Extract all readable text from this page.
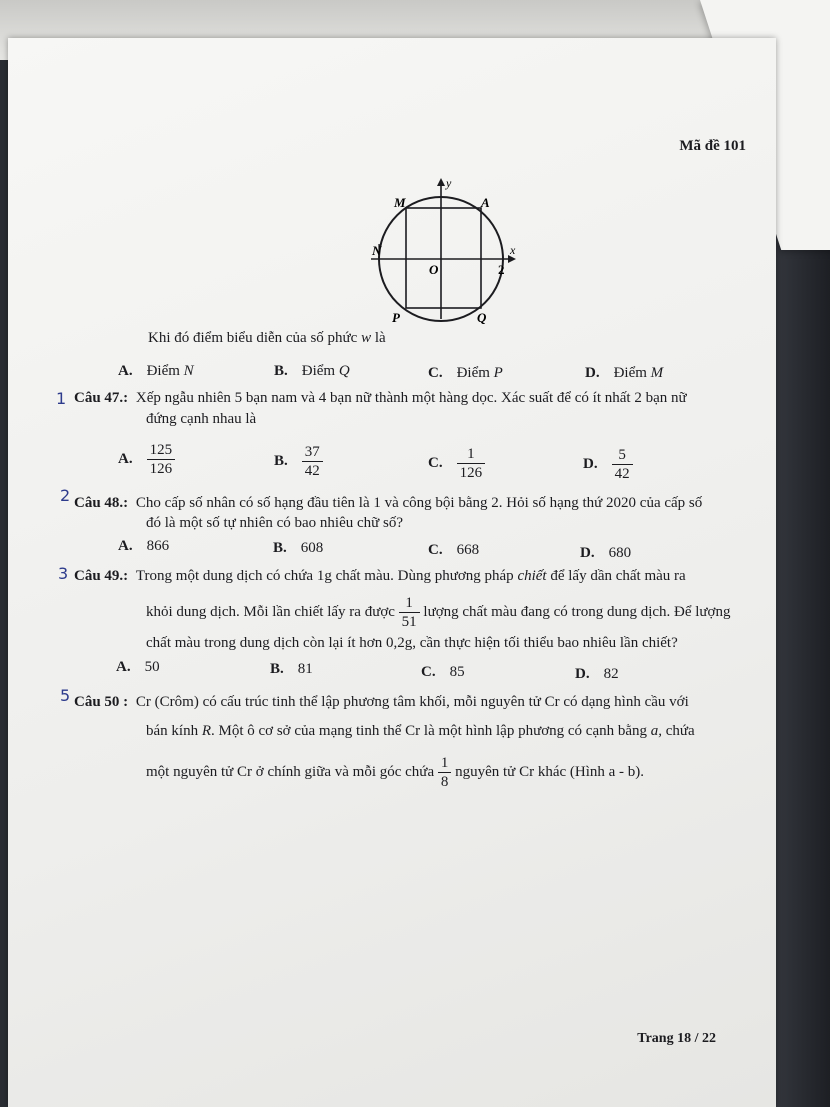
Mã đề 101
y
x
M	A
N
O	2
P	Q
Khi đó điểm biểu diễn của số phức w là
A. Điểm N	B. Điểm Q	C. Điểm P	D. Điểm M
1 Câu 47.: Xếp ngẫu nhiên 5 bạn nam và 4 bạn nữ thành một hàng dọc. Xác suất để có ít nhất 2 bạn nữ
đứng cạnh nhau là
A. $\frac{125}{126}$	B. $\frac{37}{42}$	C. $\frac{1}{126}$	D. $\frac{5}{42}$
2 Câu 48.: Cho cấp số nhân có số hạng đầu tiên là 1 và công bội bằng 2. Hỏi số hạng thứ 2020 của cấp số
đó là một số tự nhiên có bao nhiêu chữ số?
A. 866	B. 608	C. 668	D. 680
3 Câu 49.: Trong một dung dịch có chứa 1g chất màu. Dùng phương pháp chiết để lấy dần chất màu ra
khỏi dung dịch. Mỗi lần chiết lấy ra được $\frac{1}{51}$ lượng chất màu đang có trong dung dịch. Để lượng
chất màu trong dung dịch còn lại ít hơn 0,2g, cần thực hiện tối thiểu bao nhiêu lần chiết?
A. 50	B. 81	C. 85	D. 82
5 Câu 50 : Cr (Crôm) có cấu trúc tinh thể lập phương tâm khối, mỗi nguyên tử Cr có dạng hình cầu với
bán kính R. Một ô cơ sở của mạng tinh thể Cr là một hình lập phương có cạnh bằng a, chứa
một nguyên tử Cr ở chính giữa và mỗi góc chứa $\frac{1}{8}$ nguyên tử Cr khác (Hình a - b).
Trang 18 / 22
